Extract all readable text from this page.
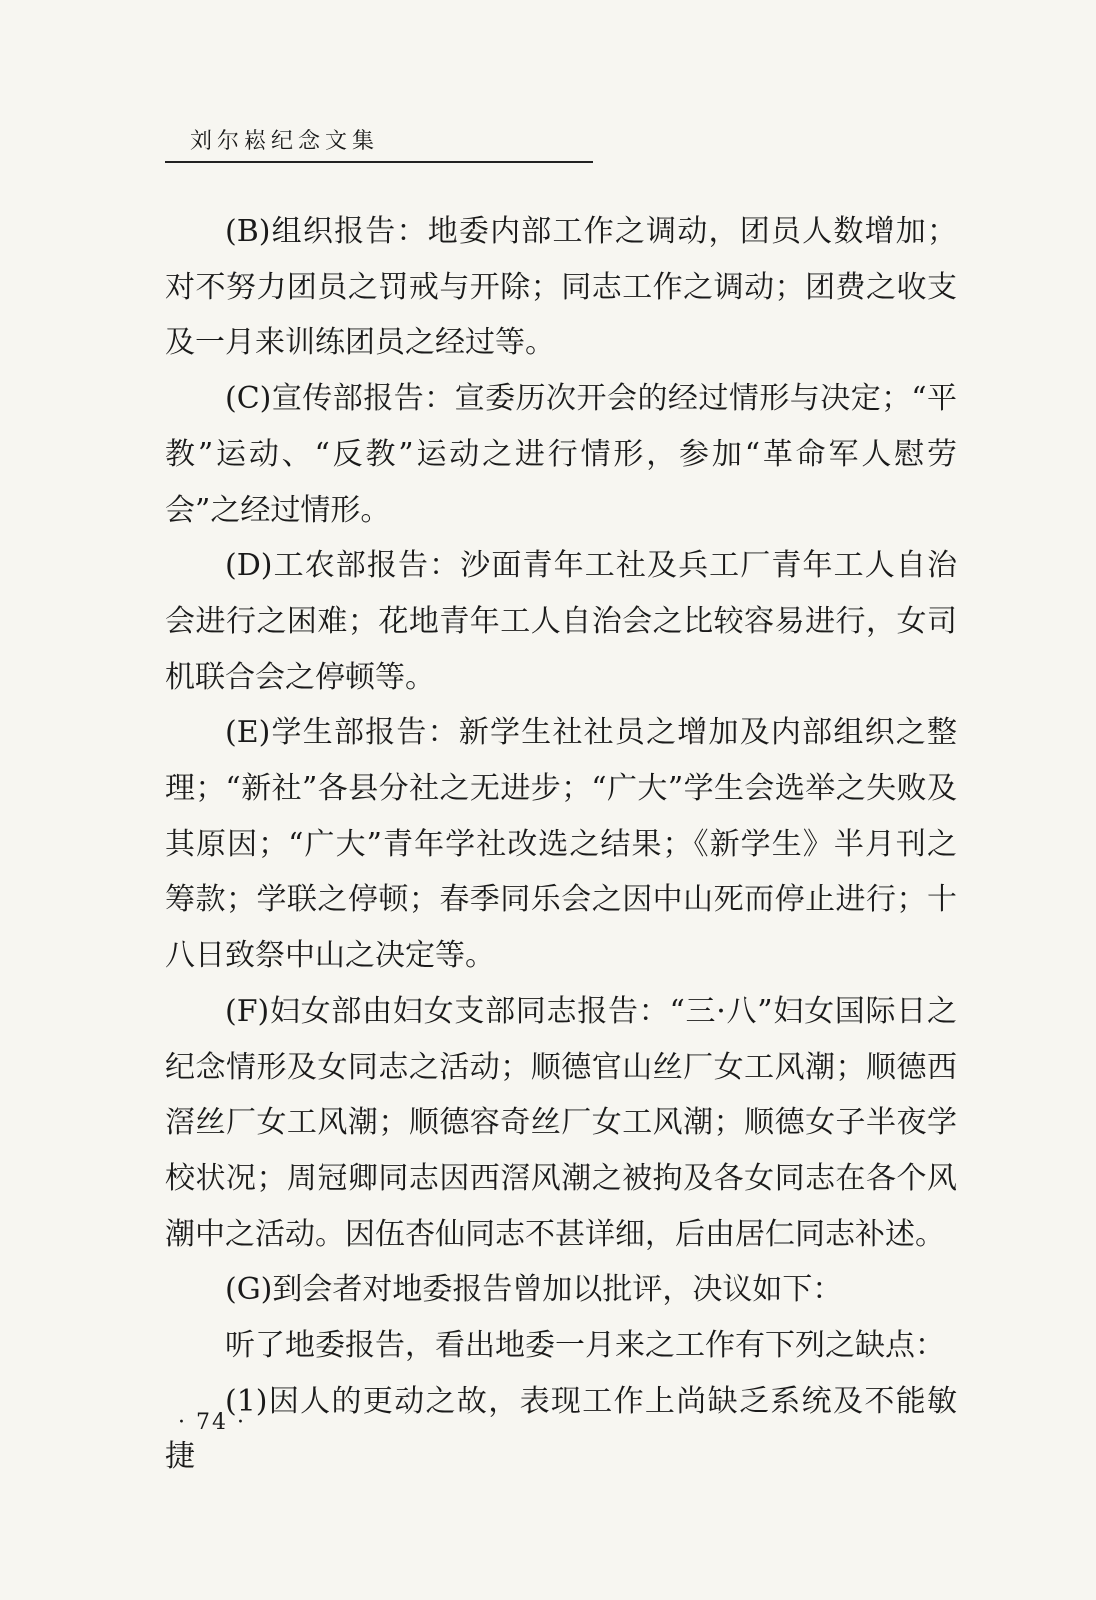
刘尔崧纪念文集

(B)组织报告：地委内部工作之调动，团员人数增加；对不努力团员之罚戒与开除；同志工作之调动；团费之收支及一月来训练团员之经过等。

(C)宣传部报告：宣委历次开会的经过情形与决定；“平教”运动、“反教”运动之进行情形，参加“革命军人慰劳会”之经过情形。

(D)工农部报告：沙面青年工社及兵工厂青年工人自治会进行之困难；花地青年工人自治会之比较容易进行，女司机联合会之停顿等。

(E)学生部报告：新学生社社员之增加及内部组织之整理；“新社”各县分社之无进步；“广大”学生会选举之失败及其原因；“广大”青年学社改选之结果；《新学生》半月刊之筹款；学联之停顿；春季同乐会之因中山死而停止进行；十八日致祭中山之决定等。

(F)妇女部由妇女支部同志报告：“三·八”妇女国际日之纪念情形及女同志之活动；顺德官山丝厂女工风潮；顺德西滘丝厂女工风潮；顺德容奇丝厂女工风潮；顺德女子半夜学校状况；周冠卿同志因西滘风潮之被拘及各女同志在各个风潮中之活动。因伍杏仙同志不甚详细，后由居仁同志补述。

(G)到会者对地委报告曾加以批评，决议如下：

听了地委报告，看出地委一月来之工作有下列之缺点：

(1)因人的更动之故，表现工作上尚缺乏系统及不能敏捷

· 74 ·
